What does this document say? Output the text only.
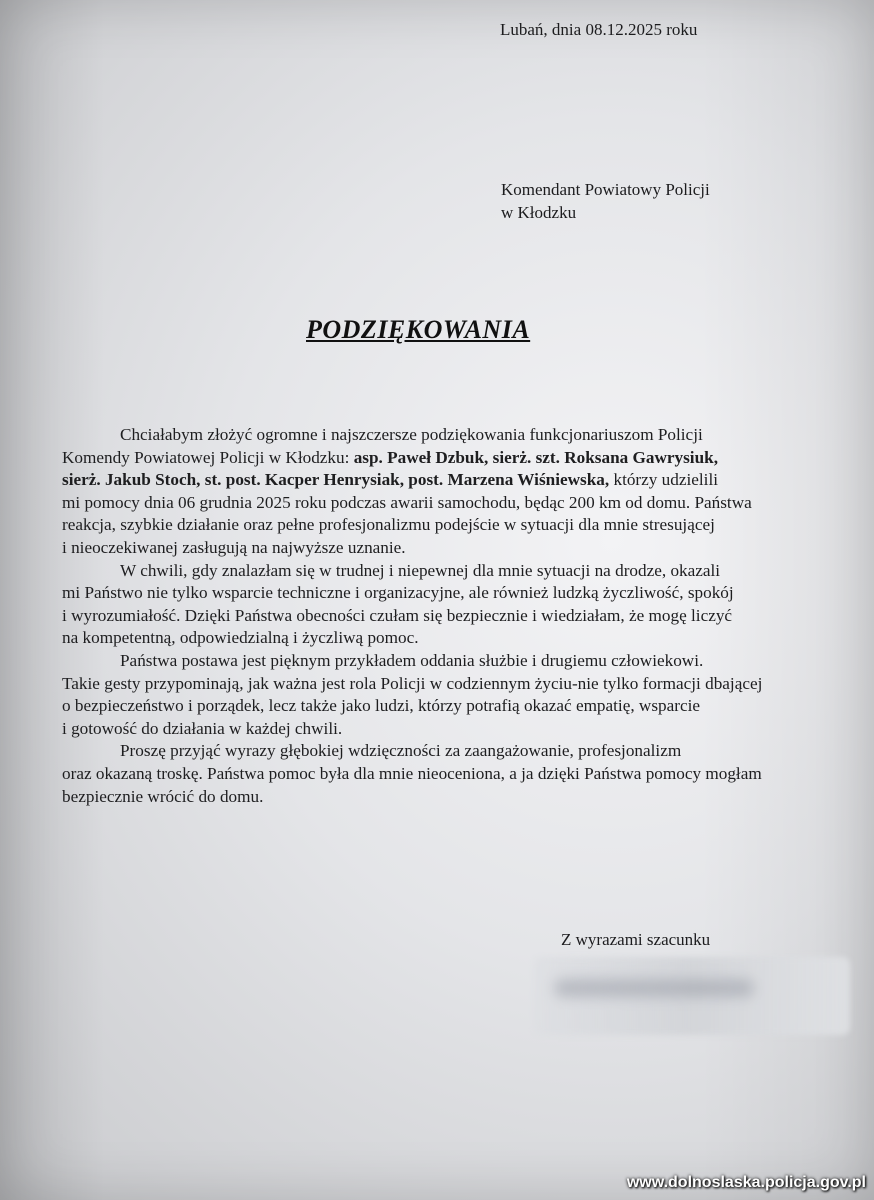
Lubań, dnia 08.12.2025 roku
Komendant Powiatowy Policji
w Kłodzku
PODZIĘKOWANIA
Chciałabym złożyć ogromne i najszczersze podziękowania funkcjonariuszom Policji
Komendy Powiatowej Policji w Kłodzku: asp. Paweł Dzbuk, sierż. szt. Roksana Gawrysiuk,
sierż. Jakub Stoch, st. post. Kacper Henrysiak, post. Marzena Wiśniewska, którzy udzielili
mi pomocy dnia 06 grudnia 2025 roku podczas awarii samochodu, będąc 200 km od domu. Państwa
reakcja, szybkie działanie oraz pełne profesjonalizmu podejście w sytuacji dla mnie stresującej
i nieoczekiwanej zasługują na najwyższe uznanie.
W chwili, gdy znalazłam się w trudnej i niepewnej dla mnie sytuacji na drodze, okazali
mi Państwo nie tylko wsparcie techniczne i organizacyjne, ale również ludzką życzliwość, spokój
i wyrozumiałość. Dzięki Państwa obecności czułam się bezpiecznie i wiedziałam, że mogę liczyć
na kompetentną, odpowiedzialną i życzliwą pomoc.
Państwa postawa jest pięknym przykładem oddania służbie i drugiemu człowiekowi.
Takie gesty przypominają, jak ważna jest rola Policji w codziennym życiu-nie tylko formacji dbającej
o bezpieczeństwo i porządek, lecz także jako ludzi, którzy potrafią okazać empatię, wsparcie
i gotowość do działania w każdej chwili.
Proszę przyjąć wyrazy głębokiej wdzięczności za zaangażowanie, profesjonalizm
oraz okazaną troskę. Państwa pomoc była dla mnie nieoceniona, a ja dzięki Państwa pomocy mogłam
bezpiecznie wrócić do domu.
Z wyrazami szacunku
www.dolnoslaska.policja.gov.pl
